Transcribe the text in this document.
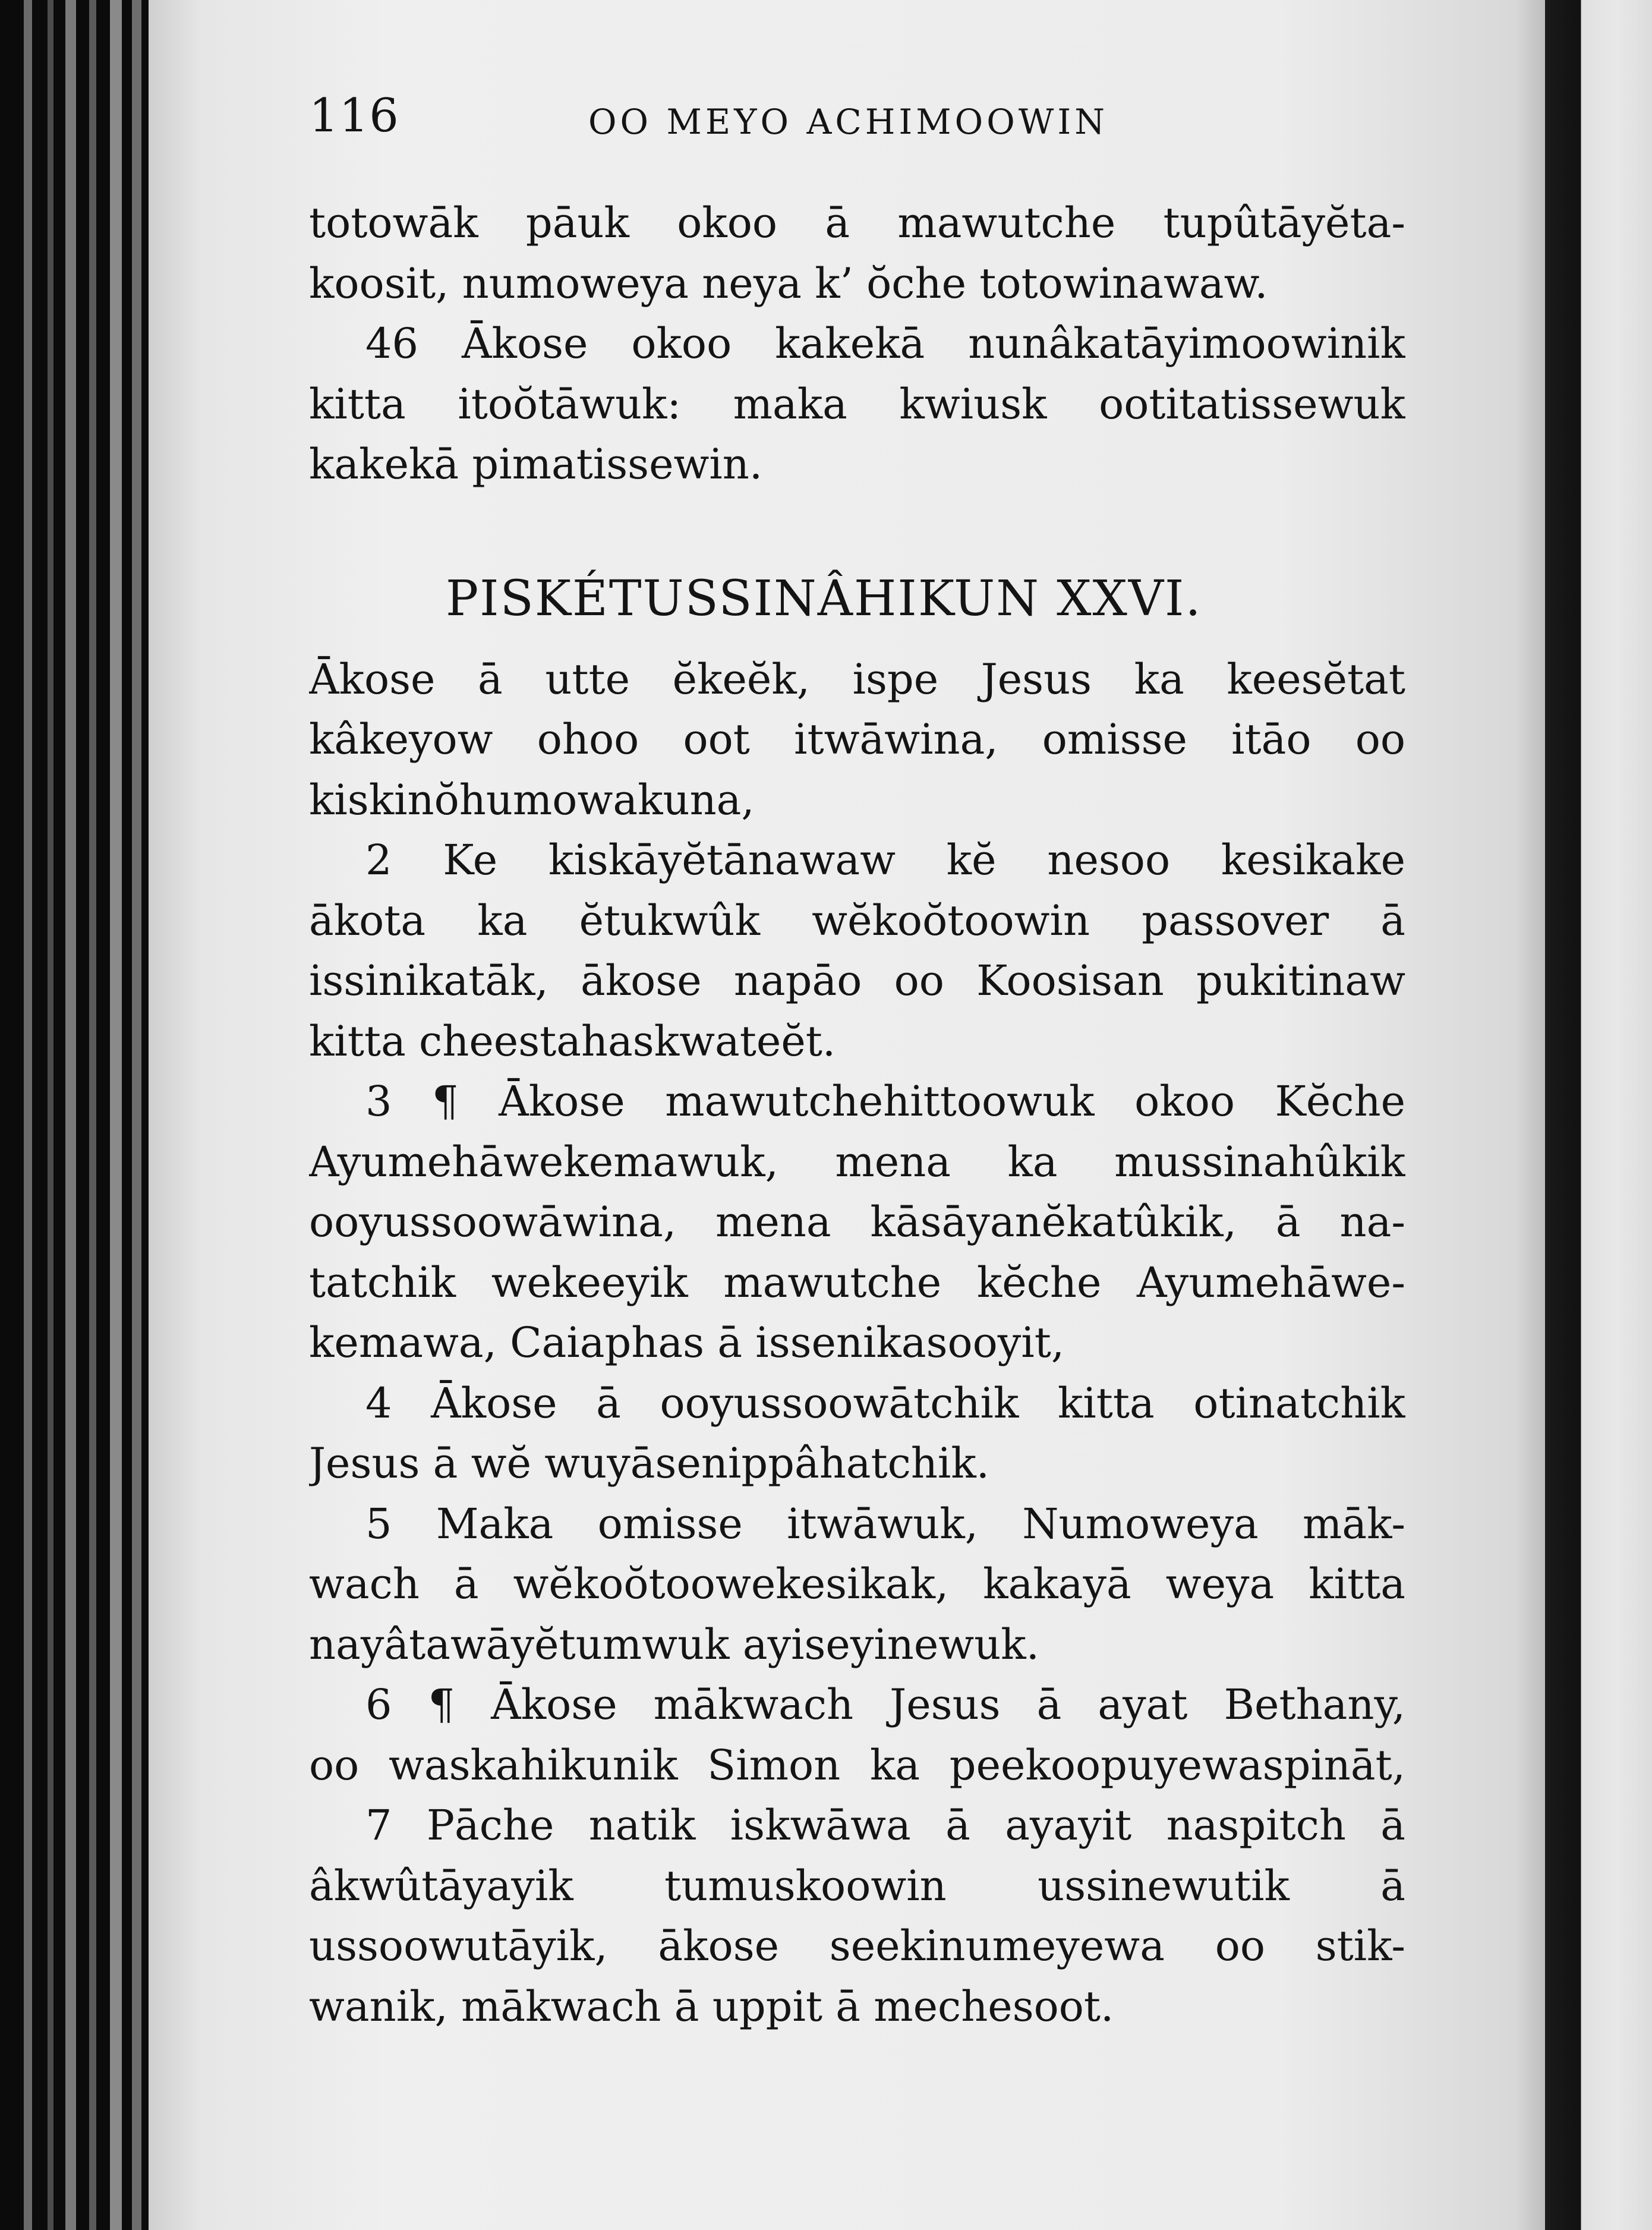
116	OO MEYO ACHIMOOWIN
totowāk pāuk okoo ā mawutche tupûtāyĕta-
koosit, numoweya neya k’ ŏche totowinawaw.
46 Ākose okoo kakekā nunâkatāyimoowinik
kitta itoŏtāwuk: maka kwiusk ootitatissewuk
kakekā pimatissewin.
PISKÉTUSSINÂHIKUN XXVI.
Ākose ā utte ĕkeĕk, ispe Jesus ka keesĕtat
kâkeyow ohoo oot itwāwina, omisse itāo oo
kiskinŏhumowakuna,
2 Ke kiskāyĕtānawaw kĕ nesoo kesikake
ākota ka ĕtukwûk wĕkoŏtoowin passover ā
issinikatāk, ākose napāo oo Koosisan pukitinaw
kitta cheestahaskwateĕt.
3 ¶ Ākose mawutchehittoowuk okoo Kĕche
Ayumehāwekemawuk, mena ka mussinahûkik
ooyussoowāwina, mena kāsāyanĕkatûkik, ā na-
tatchik wekeeyik mawutche kĕche Ayumehāwe-
kemawa, Caiaphas ā issenikasooyit,
4 Ākose ā ooyussoowātchik kitta otinatchik
Jesus ā wĕ wuyāsenippâhatchik.
5 Maka omisse itwāwuk, Numoweya māk-
wach ā wĕkoŏtoowekesikak, kakayā weya kitta
nayâtawāyĕtumwuk ayiseyinewuk.
6 ¶ Ākose mākwach Jesus ā ayat Bethany,
oo waskahikunik Simon ka peekoopuyewaspināt,
7 Pāche natik iskwāwa ā ayayit naspitch ā
âkwûtāyayik tumuskoowin ussinewutik ā
ussoowutāyik, ākose seekinumeyewa oo stik-
wanik, mākwach ā uppit ā mechesoot.
